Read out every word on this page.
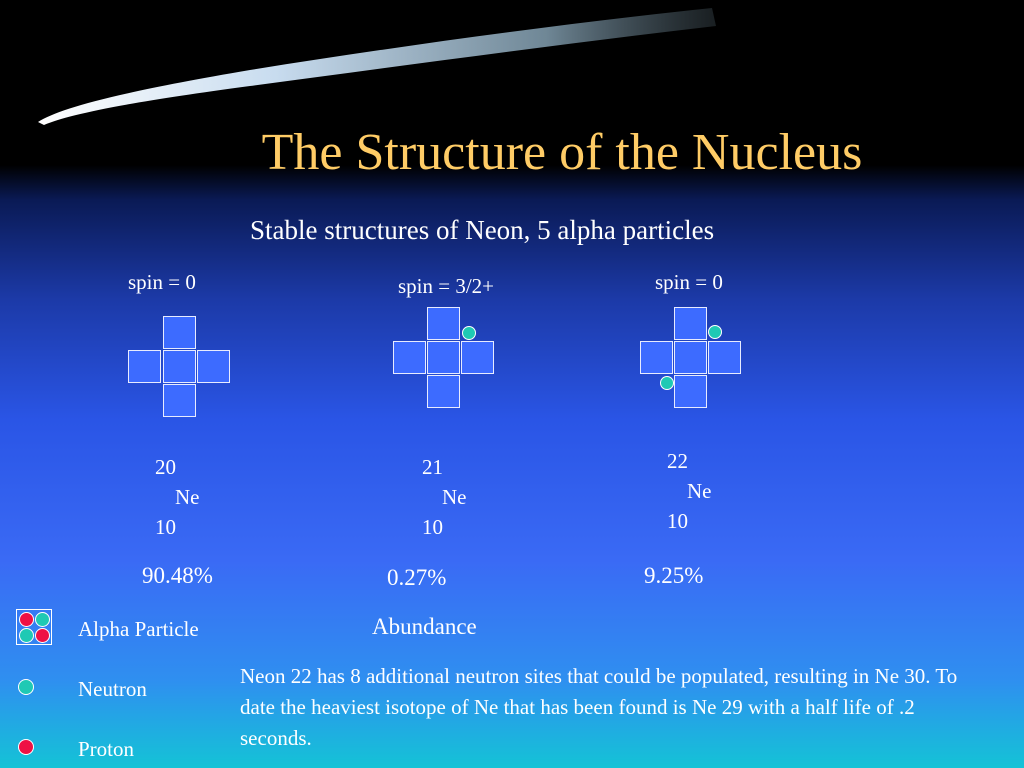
The Structure of the Nucleus
Stable structures of Neon, 5 alpha particles
spin = 0
20
Ne
10
90.48%
spin = 3/2+
21
Ne
10
0.27%
spin = 0
22
Ne
10
9.25%
Abundance
Alpha Particle
Neutron
Proton
Neon 22 has 8 additional neutron sites that could be populated, resulting in Ne 30. To date the heaviest isotope of Ne that has been found is Ne 29 with a half life of .2 seconds.
